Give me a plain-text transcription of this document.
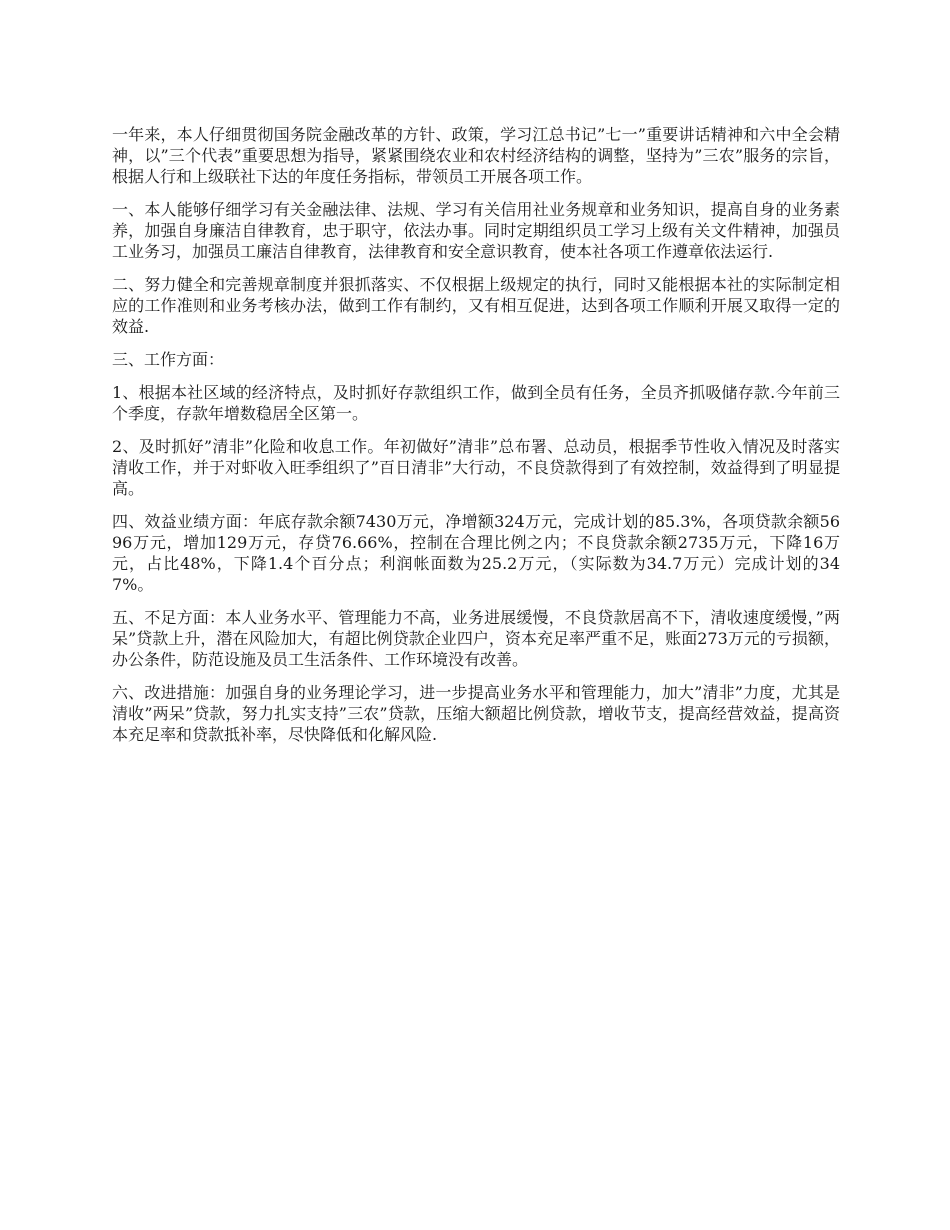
一年来，本人仔细贯彻国务院金融改革的方针、政策，学习江总书记”七一”重要讲话精神和六中全会精神，以”三个代表”重要思想为指导，紧紧围绕农业和农村经济结构的调整，坚持为”三农”服务的宗旨，根据人行和上级联社下达的年度任务指标，带领员工开展各项工作。

一、本人能够仔细学习有关金融法律、法规、学习有关信用社业务规章和业务知识，提高自身的业务素养，加强自身廉洁自律教育，忠于职守，依法办事。同时定期组织员工学习上级有关文件精神，加强员工业务习，加强员工廉洁自律教育，法律教育和安全意识教育，使本社各项工作遵章依法运行.

二、努力健全和完善规章制度并狠抓落实、不仅根据上级规定的执行，同时又能根据本社的实际制定相应的工作准则和业务考核办法，做到工作有制约，又有相互促进，达到各项工作顺利开展又取得一定的效益.

三、工作方面：

1、根据本社区域的经济特点，及时抓好存款组织工作，做到全员有任务，全员齐抓吸储存款.今年前三个季度，存款年增数稳居全区第一。

2、及时抓好”清非”化险和收息工作。年初做好”清非”总布署、总动员，根据季节性收入情况及时落实清收工作，并于对虾收入旺季组织了”百日清非”大行动，不良贷款得到了有效控制，效益得到了明显提高。

四、效益业绩方面：年底存款余额7430万元，净增额324万元，完成计划的85.3%，各项贷款余额5696万元，增加129万元，存贷76.66%，控制在合理比例之内；不良贷款余额2735万元，下降16万元，占比48%，下降1.4个百分点；利润帐面数为25.2万元，（实际数为34.7万元）完成计划的347%。

五、不足方面：本人业务水平、管理能力不高，业务进展缓慢，不良贷款居高不下，清收速度缓慢，”两呆”贷款上升，潜在风险加大，有超比例贷款企业四户，资本充足率严重不足，账面273万元的亏损额，办公条件，防范设施及员工生活条件、工作环境没有改善。

六、改进措施：加强自身的业务理论学习，进一步提高业务水平和管理能力，加大”清非”力度，尤其是清收”两呆”贷款，努力扎实支持”三农”贷款，压缩大额超比例贷款，增收节支，提高经营效益，提高资本充足率和贷款抵补率，尽快降低和化解风险.
